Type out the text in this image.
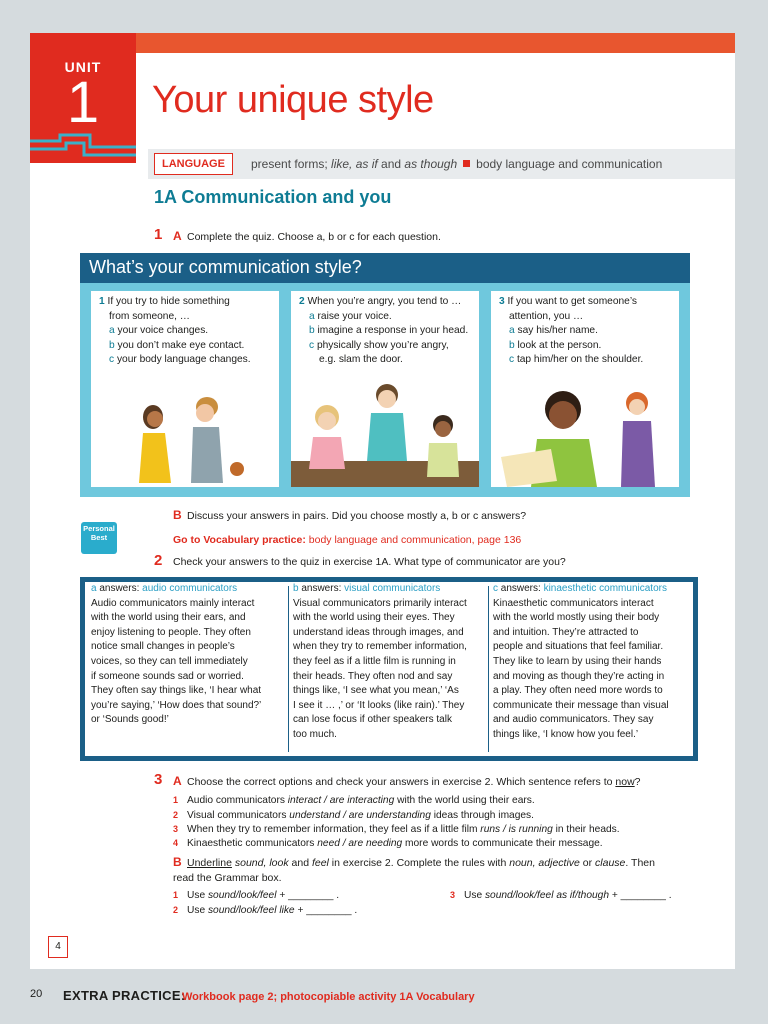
UNIT
1	Your unique style
LANGUAGE	present forms; like, as if and as though body language and communication
1A Communication and you
1 A Complete the quiz. Choose a, b or c for each question.
What’s your communication style?
1 If you try to hide something
from someone, …
a your voice changes.
b you don’t make eye contact.
c your body language changes.
2 When you’re angry, you tend to …
a raise your voice.
b imagine a response in your head.
c physically show you’re angry,
e.g. slam the door.
3 If you want to get someone’s
attention, you …
a say his/her name.
b look at the person.
c tap him/her on the shoulder.
Personal
Best
B Discuss your answers in pairs. Did you choose mostly a, b or c answers?
Go to Vocabulary practice: body language and communication, page 136
2 Check your answers to the quiz in exercise 1A. What type of communicator are you?
a answers: audio communicators
Audio communicators mainly interact
with the world using their ears, and
enjoy listening to people. They often
notice small changes in people’s
voices, so they can tell immediately
if someone sounds sad or worried.
They often say things like, ‘I hear what
you’re saying,’ ‘How does that sound?’
or ‘Sounds good!’
b answers: visual communicators
Visual communicators primarily interact
with the world using their eyes. They
understand ideas through images, and
when they try to remember information,
they feel as if a little film is running in
their heads. They often nod and say
things like, ‘I see what you mean,’ ‘As
I see it … ,’ or ‘It looks (like rain).’ They
can lose focus if other speakers talk
too much.
c answers: kinaesthetic communicators
Kinaesthetic communicators interact
with the world mostly using their body
and intuition. They’re attracted to
people and situations that feel familiar.
They like to learn by using their hands
and moving as though they’re acting in
a play. They often need more words to
communicate their message than visual
and audio communicators. They say
things like, ‘I know how you feel.’
3 A Choose the correct options and check your answers in exercise 2. Which sentence refers to now?
1 Audio communicators interact / are interacting with the world using their ears.
2 Visual communicators understand / are understanding ideas through images.
3 When they try to remember information, they feel as if a little film runs / is running in their heads.
4 Kinaesthetic communicators need / are needing more words to communicate their message.
B Underline sound, look and feel in exercise 2. Complete the rules with noun, adjective or clause. Then
read the Grammar box.
1 Use sound/look/feel + ________ .
2 Use sound/look/feel like + ________ .
3 Use sound/look/feel as if/though + ________ .
4
20 EXTRA PRACTICE:
Workbook page 2; photocopiable activity 1A Vocabulary
